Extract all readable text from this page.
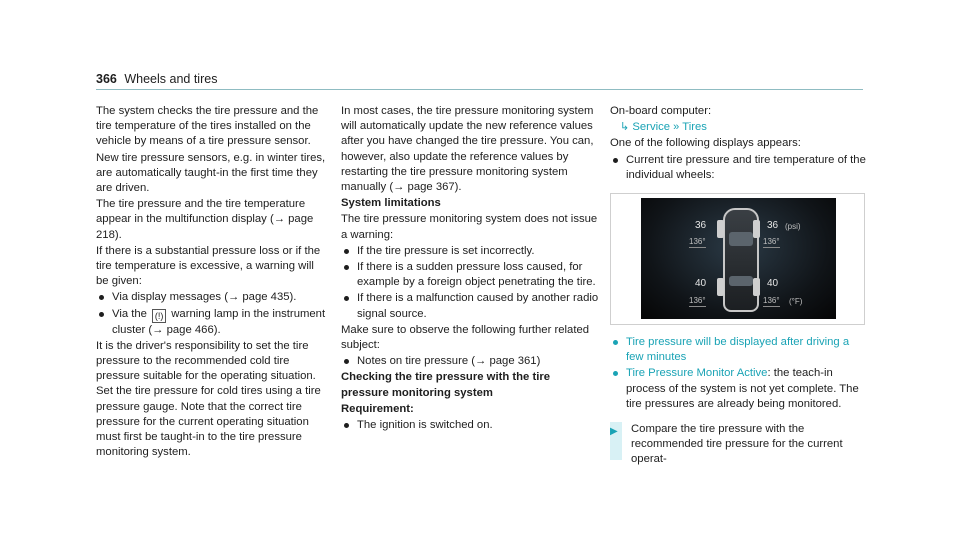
366 Wheels and tires

The system checks the tire pressure and the tire temperature of the tires installed on the vehicle by means of a tire pressure sensor.

New tire pressure sensors, e.g. in winter tires, are automatically taught-in the first time they are driven.

The tire pressure and the tire temperature appear in the multifunction display (→ page 218).

If there is a substantial pressure loss or if the tire temperature is excessive, a warning will be given:

Via display messages (→ page 435).
Via the (!) warning lamp in the instrument cluster (→ page 466).

It is the driver's responsibility to set the tire pressure to the recommended cold tire pressure suitable for the operating situation. Set the tire pressure for cold tires using a tire pressure gauge. Note that the correct tire pressure for the current operating situation must first be taught-in to the tire pressure monitoring system.

In most cases, the tire pressure monitoring system will automatically update the new reference values after you have changed the tire pressure. You can, however, also update the reference values by restarting the tire pressure monitoring system manually (→ page 367).

System limitations

The tire pressure monitoring system does not issue a warning:

If the tire pressure is set incorrectly.
If there is a sudden pressure loss caused, for example by a foreign object penetrating the tire.
If there is a malfunction caused by another radio signal source.

Make sure to observe the following further related subject:

Notes on tire pressure (→ page 361)

Checking the tire pressure with the tire pressure monitoring system

Requirement:

The ignition is switched on.

On-board computer:

↳ Service » Tires

One of the following displays appears:

Current tire pressure and tire temperature of the individual wheels:
36
136°
36 (psi)
136°
40
136°
40
136° (°F)
Tire pressure will be displayed after driving a few minutes
Tire Pressure Monitor Active: the teach-in process of the system is not yet complete. The tire pressures are already being monitored.
▶ Compare the tire pressure with the recommended tire pressure for the current operat-
